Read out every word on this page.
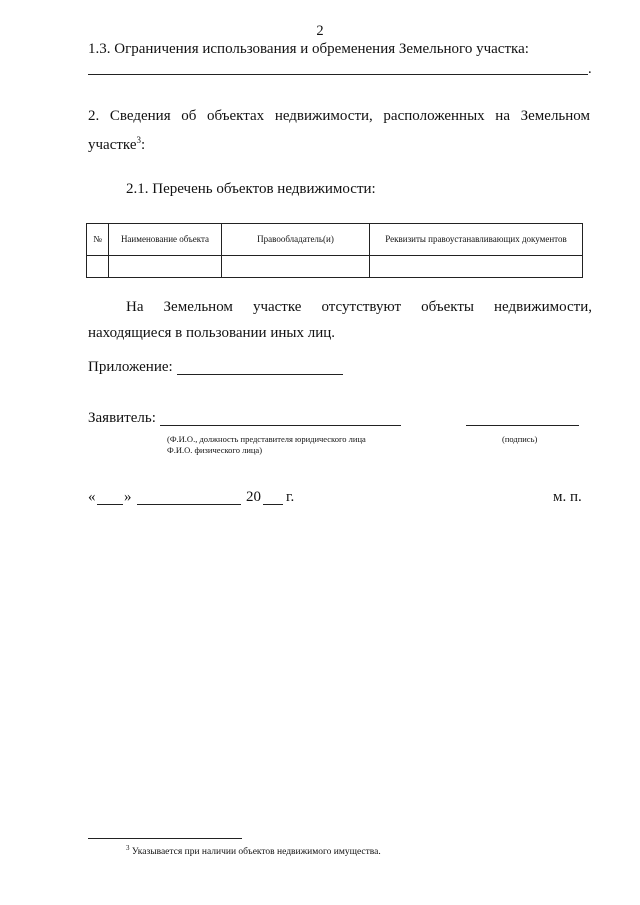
2
1.3. Ограничения использования и обременения Земельного участка:
.
2. Сведения об объектах недвижимости, расположенных на Земельном
участке$^3$:
2.1. Перечень объектов недвижимости:
№	Наименование объекта	Правообладатель(и)	Реквизиты правоустанавливающих документов

На Земельном участке отсутствуют объекты недвижимости,
находящиеся в пользовании иных лиц.
Приложение:
Заявитель:
(Ф.И.О., должность представителя юридического лица
Ф.И.О. физического лица)
(подпись)
« »	20 г.	м. п.
$^3$ Указывается при наличии объектов недвижимого имущества.
